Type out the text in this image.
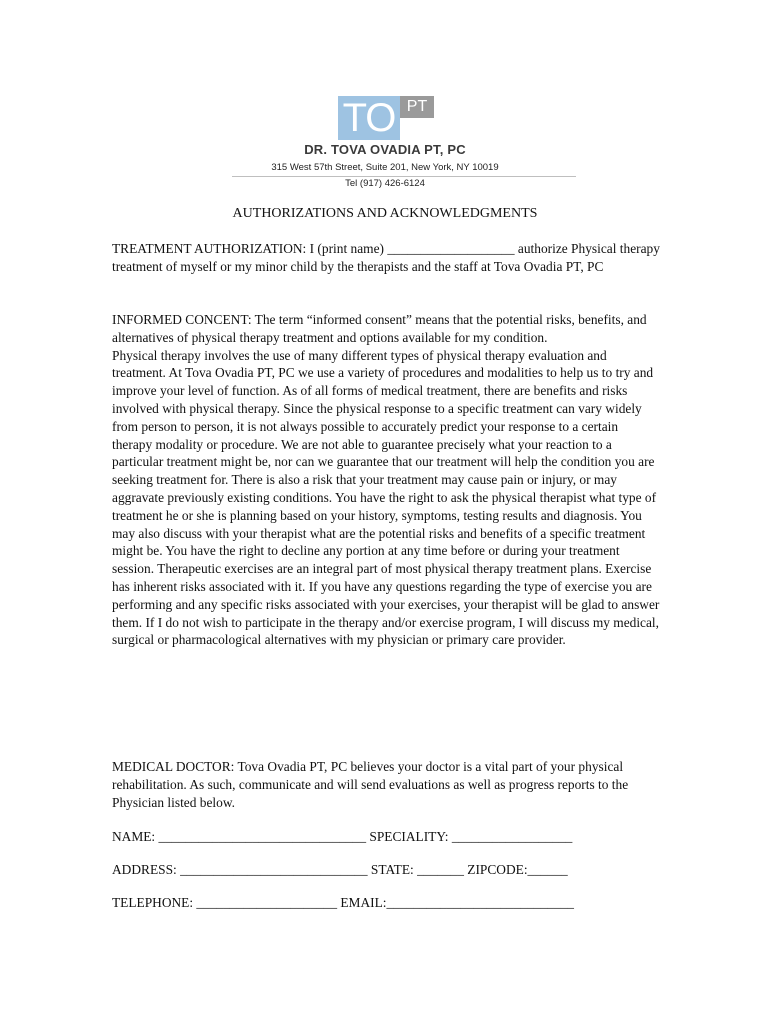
TO PT
DR. TOVA OVADIA PT, PC
315 West 57th Street, Suite 201, New York, NY 10019
Tel (917) 426-6124
AUTHORIZATIONS AND ACKNOWLEDGMENTS

TREATMENT AUTHORIZATION: I (print name) ___________________ authorize Physical therapy treatment of myself or my minor child by the therapists and the staff at Tova Ovadia PT, PC

INFORMED CONCENT: The term “informed consent” means that the potential risks, benefits, and alternatives of physical therapy treatment and options available for my condition.

Physical therapy involves the use of many different types of physical therapy evaluation and treatment. At Tova Ovadia PT, PC we use a variety of procedures and modalities to help us to try and improve your level of function. As of all forms of medical treatment, there are benefits and risks involved with physical therapy. Since the physical response to a specific treatment can vary widely from person to person, it is not always possible to accurately predict your response to a certain therapy modality or procedure. We are not able to guarantee precisely what your reaction to a particular treatment might be, nor can we guarantee that our treatment will help the condition you are seeking treatment for. There is also a risk that your treatment may cause pain or injury, or may aggravate previously existing conditions. You have the right to ask the physical therapist what type of treatment he or she is planning based on your history, symptoms, testing results and diagnosis. You may also discuss with your therapist what are the potential risks and benefits of a specific treatment might be. You have the right to decline any portion at any time before or during your treatment session. Therapeutic exercises are an integral part of most physical therapy treatment plans. Exercise has inherent risks associated with it. If you have any questions regarding the type of exercise you are performing and any specific risks associated with your exercises, your therapist will be glad to answer them. If I do not wish to participate in the therapy and/or exercise program, I will discuss my medical, surgical or pharmacological alternatives with my physician or primary care provider.

MEDICAL DOCTOR: Tova Ovadia PT, PC believes your doctor is a vital part of your physical rehabilitation. As such, communicate and will send evaluations as well as progress reports to the Physician listed below.

NAME: _______________________________ SPECIALITY: __________________
ADDRESS: ____________________________ STATE: _______ ZIPCODE:______
TELEPHONE: _____________________ EMAIL:____________________________
